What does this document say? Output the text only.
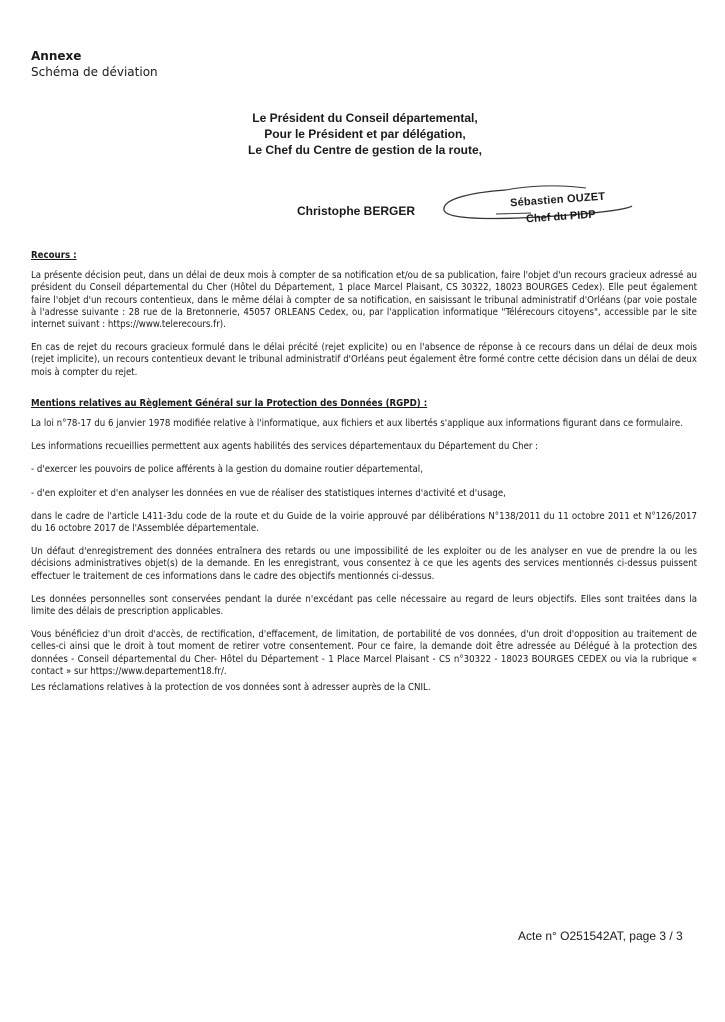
Annexe
Schéma de déviation
Le Président du Conseil départemental,
Pour le Président et par délégation,
Le Chef du Centre de gestion de la route,
Christophe BERGER
Sébastien OUZET
Chef du PIDP
Recours :
La présente décision peut, dans un délai de deux mois à compter de sa notification et/ou de sa publication, faire l'objet d'un recours gracieux adressé au président du Conseil départemental du Cher (Hôtel du Département, 1 place Marcel Plaisant, CS 30322, 18023 BOURGES Cedex). Elle peut également faire l'objet d'un recours contentieux, dans le même délai à compter de sa notification, en saisissant le tribunal administratif d'Orléans (par voie postale à l'adresse suivante : 28 rue de la Bretonnerie, 45057 ORLEANS Cedex, ou, par l'application informatique "Télérecours citoyens", accessible par le site internet suivant : https://www.telerecours.fr).
En cas de rejet du recours gracieux formulé dans le délai précité (rejet explicite) ou en l'absence de réponse à ce recours dans un délai de deux mois (rejet implicite), un recours contentieux devant le tribunal administratif d'Orléans peut également être formé contre cette décision dans un délai de deux mois à compter du rejet.
Mentions relatives au Règlement Général sur la Protection des Données (RGPD) :
La loi n°78-17 du 6 janvier 1978 modifiée relative à l'informatique, aux fichiers et aux libertés s'applique aux informations figurant dans ce formulaire.
Les informations recueillies permettent aux agents habilités des services départementaux du Département du Cher :
- d'exercer les pouvoirs de police afférents à la gestion du domaine routier départemental,
- d'en exploiter et d'en analyser les données en vue de réaliser des statistiques internes d'activité et d'usage,
dans le cadre de l'article L411-3du code de la route et du Guide de la voirie approuvé par délibérations N°138/2011 du 11 octobre 2011 et N°126/2017 du 16 octobre 2017 de l'Assemblée départementale.
Un défaut d'enregistrement des données entraînera des retards ou une impossibilité de les exploiter ou de les analyser en vue de prendre la ou les décisions administratives objet(s) de la demande. En les enregistrant, vous consentez à ce que les agents des services mentionnés ci-dessus puissent effectuer le traitement de ces informations dans le cadre des objectifs mentionnés ci-dessus.
Les données personnelles sont conservées pendant la durée n'excédant pas celle nécessaire au regard de leurs objectifs. Elles sont traitées dans la limite des délais de prescription applicables.
Vous bénéficiez d'un droit d'accès, de rectification, d'effacement, de limitation, de portabilité de vos données, d'un droit d'opposition au traitement de celles-ci ainsi que le droit à tout moment de retirer votre consentement. Pour ce faire, la demande doit être adressée au Délégué à la protection des données - Conseil départemental du Cher- Hôtel du Département - 1 Place Marcel Plaisant - CS n°30322 - 18023 BOURGES CEDEX ou via la rubrique « contact » sur https://www.departement18.fr/.
Les réclamations relatives à la protection de vos données sont à adresser auprès de la CNIL.
Acte n° O251542AT, page 3 / 3
